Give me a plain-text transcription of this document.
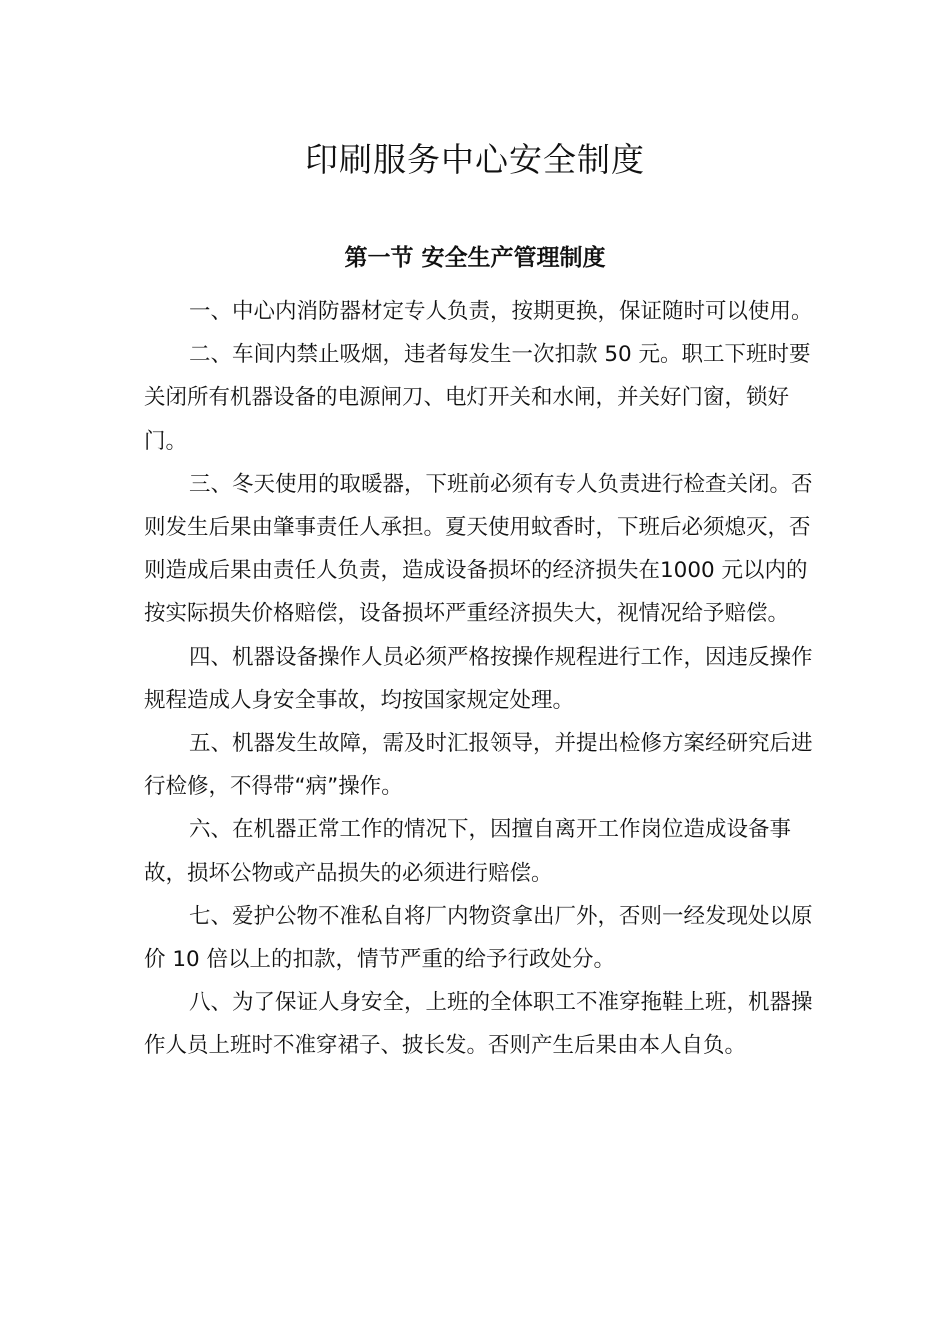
印刷服务中心安全制度
第一节 安全生产管理制度

一、中心内消防器材定专人负责，按期更换，保证随时可以使用。

二、车间内禁止吸烟，违者每发生一次扣款 50 元。职工下班时要关闭所有机器设备的电源闸刀、电灯开关和水闸，并关好门窗，锁好门。

三、冬天使用的取暖器，下班前必须有专人负责进行检查关闭。否则发生后果由肇事责任人承担。夏天使用蚊香时，下班后必须熄灭，否则造成后果由责任人负责，造成设备损坏的经济损失在1000 元以内的按实际损失价格赔偿，设备损坏严重经济损失大，视情况给予赔偿。

四、机器设备操作人员必须严格按操作规程进行工作，因违反操作规程造成人身安全事故，均按国家规定处理。

五、机器发生故障，需及时汇报领导，并提出检修方案经研究后进行检修，不得带“病”操作。

六、在机器正常工作的情况下，因擅自离开工作岗位造成设备事故，损坏公物或产品损失的必须进行赔偿。

七、爱护公物不准私自将厂内物资拿出厂外，否则一经发现处以原价 10 倍以上的扣款，情节严重的给予行政处分。

八、为了保证人身安全，上班的全体职工不准穿拖鞋上班，机器操作人员上班时不准穿裙子、披长发。否则产生后果由本人自负。
